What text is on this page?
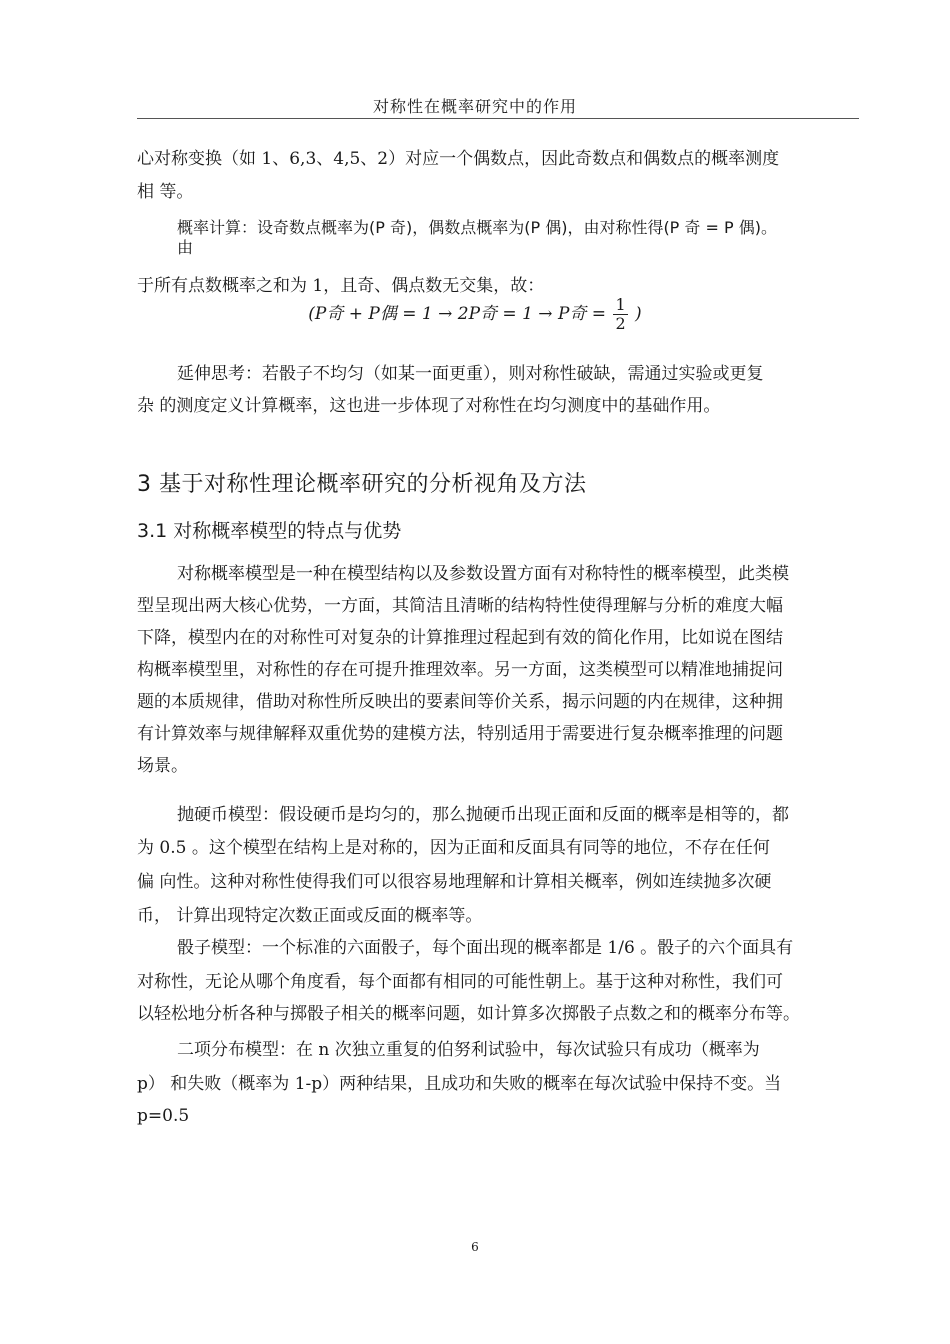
对称性在概率研究中的作用
心对称变换（如 1、6,3、4,5、2）对应一个偶数点，因此奇数点和偶数点的概率测度
相 等。
概率计算：设奇数点概率为(P 奇)，偶数点概率为(P 偶)，由对称性得(P 奇 = P 偶)。
由
于所有点数概率之和为 1，且奇、偶点数无交集，故：
(P奇 + P偶 = 1 → 2P奇 = 1 → P奇 = $\frac{1}{2}$ )
延伸思考：若骰子不均匀（如某一面更重），则对称性破缺，需通过实验或更复
杂 的测度定义计算概率，这也进一步体现了对称性在均匀测度中的基础作用。
3 基于对称性理论概率研究的分析视角及方法
3.1 对称概率模型的特点与优势
对称概率模型是一种在模型结构以及参数设置方面有对称特性的概率模型，此类模
型呈现出两大核心优势，一方面，其简洁且清晰的结构特性使得理解与分析的难度大幅
下降，模型内在的对称性可对复杂的计算推理过程起到有效的简化作用，比如说在图结
构概率模型里，对称性的存在可提升推理效率。另一方面，这类模型可以精准地捕捉问
题的本质规律，借助对称性所反映出的要素间等价关系，揭示问题的内在规律，这种拥
有计算效率与规律解释双重优势的建模方法，特别适用于需要进行复杂概率推理的问题
场景。
抛硬币模型：假设硬币是均匀的，那么抛硬币出现正面和反面的概率是相等的，都
为 0.5 。这个模型在结构上是对称的，因为正面和反面具有同等的地位，不存在任何
偏 向性。这种对称性使得我们可以很容易地理解和计算相关概率，例如连续抛多次硬
币， 计算出现特定次数正面或反面的概率等。
骰子模型：一个标准的六面骰子，每个面出现的概率都是 1/6 。骰子的六个面具有
对称性，无论从哪个角度看，每个面都有相同的可能性朝上。基于这种对称性，我们可
以轻松地分析各种与掷骰子相关的概率问题，如计算多次掷骰子点数之和的概率分布等。
二项分布模型：在 n 次独立重复的伯努利试验中，每次试验只有成功（概率为
p） 和失败（概率为 1-p）两种结果，且成功和失败的概率在每次试验中保持不变。当
p=0.5
6
